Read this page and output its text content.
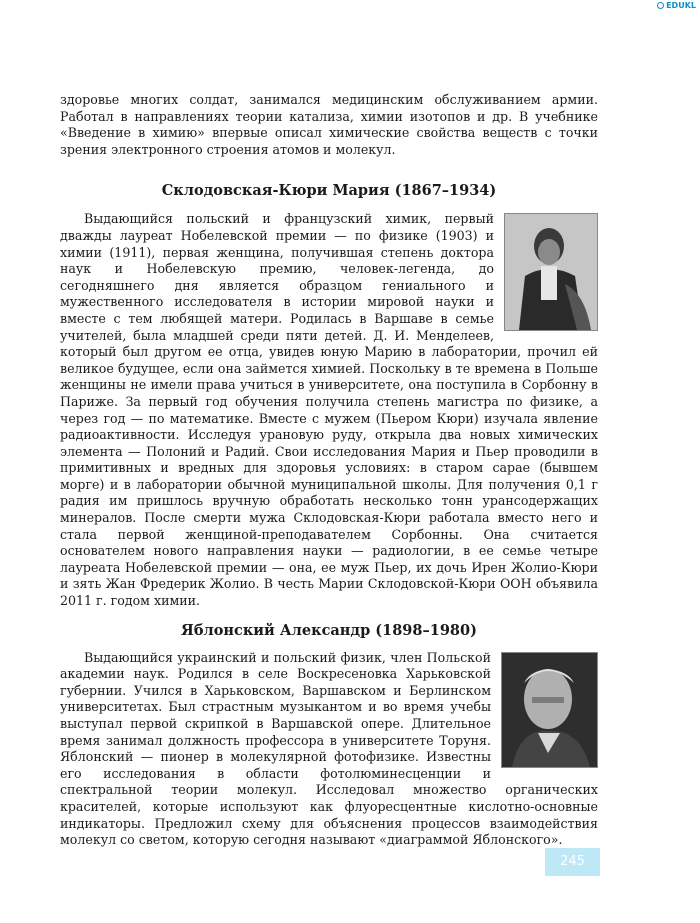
EDUKL

здоровье многих солдат, занимался медицинским обслуживанием армии. Работал в направлениях теории катализа, химии изотопов и др. В учебнике «Введение в химию» впервые описал химические свойства веществ с точки зрения электронного строения атомов и молекул.

Склодовская-Кюри Мария (1867–1934)

Выдающийся польский и французский химик, первый дважды лауреат Нобелевской премии — по физике (1903) и химии (1911), первая женщина, получившая степень доктора наук и Нобелевскую премию, человек-легенда, до сегодняшнего дня является образцом гениального и мужественного исследователя в истории мировой науки и вместе с тем любящей матери. Родилась в Варшаве в семье учителей, была младшей среди пяти детей. Д. И. Менделеев, который был другом ее отца, увидев юную Марию в лаборатории, прочил ей великое будущее, если она займется химией. Поскольку в те времена в Польше женщины не имели права учиться в университете, она поступила в Сорбонну в Париже. За первый год обучения получила степень магистра по физике, а через год — по математике. Вместе с мужем (Пьером Кюри) изучала явление радиоактивности. Исследуя урановую руду, открыла два новых химических элемента — Полоний и Радий. Свои исследования Мария и Пьер проводили в примитивных и вредных для здоровья условиях: в старом сарае (бывшем морге) и в лаборатории обычной муниципальной школы. Для получения 0,1 г радия им пришлось вручную обработать несколько тонн урансодержащих минералов. После смерти мужа Склодовская-Кюри работала вместо него и стала первой женщиной-преподавателем Сорбонны. Она считается основателем нового направления науки — радиологии, в ее семье четыре лауреата Нобелевской премии — она, ее муж Пьер, их дочь Ирен Жолио-Кюри и зять Жан Фредерик Жолио. В честь Марии Склодовской-Кюри ООН объявила 2011 г. годом химии.

Яблонский Александр (1898–1980)

Выдающийся украинский и польский физик, член Польской академии наук. Родился в селе Воскресеновка Харьковской губернии. Учился в Харьковском, Варшавском и Берлинском университетах. Был страстным музыкантом и во время учебы выступал первой скрипкой в Варшавской опере. Длительное время занимал должность профессора в университете Торуня. Яблонский — пионер в молекулярной фотофизике. Известны его исследования в области фотолюминесценции и спектральной теории молекул. Исследовал множество органических красителей, которые используют как флуоресцентные кислотно-основные индикаторы. Предложил схему для объяснения процессов взаимодействия молекул со светом, которую сегодня называют «диаграммой Яблонского».

245
